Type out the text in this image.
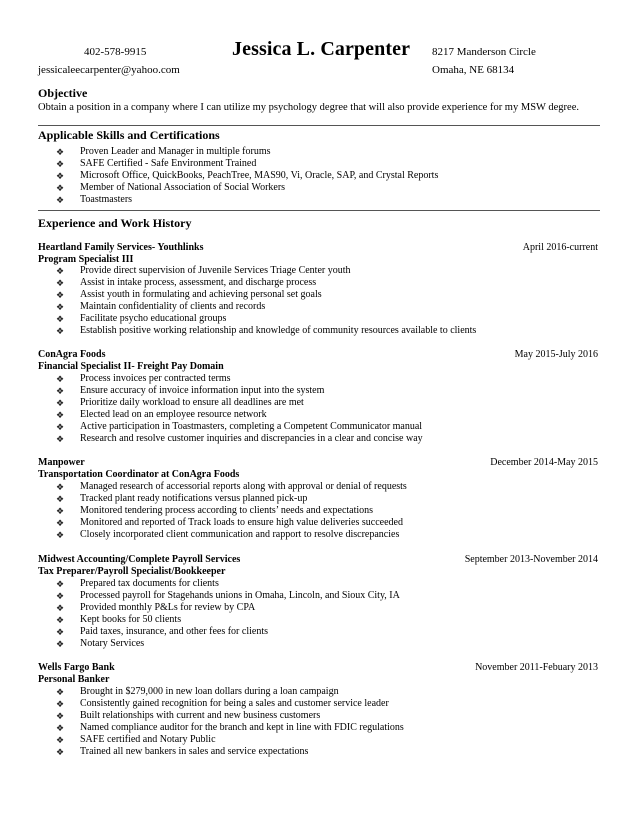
402-578-9915	Jessica L. Carpenter 8217 Manderson Circle
jessicaleecarpenter@yahoo.com	Omaha, NE 68134
Objective
Obtain a position in a company where I can utilize my psychology degree that will also provide experience for my MSW degree.
Applicable Skills and Certifications
❖	Proven Leader and Manager in multiple forums
❖	SAFE Certified - Safe Environment Trained
❖	Microsoft Office, QuickBooks, PeachTree, MAS90, Vi, Oracle, SAP, and Crystal Reports
❖	Member of National Association of Social Workers
❖	Toastmasters
Experience and Work History
Heartland Family Services- Youthlinks	April 2016-current
Program Specialist III
❖	Provide direct supervision of Juvenile Services Triage Center youth
❖	Assist in intake process, assessment, and discharge process
❖	Assist youth in formulating and achieving personal set goals
❖	Maintain confidentiality of clients and records
❖	Facilitate psycho educational groups
❖	Establish positive working relationship and knowledge of community resources available to clients
ConAgra Foods	May 2015-July 2016
Financial Specialist II- Freight Pay Domain
❖	Process invoices per contracted terms
❖	Ensure accuracy of invoice information input into the system
❖	Prioritize daily workload to ensure all deadlines are met
❖	Elected lead on an employee resource network
❖	Active participation in Toastmasters, completing a Competent Communicator manual
❖	Research and resolve customer inquiries and discrepancies in a clear and concise way
Manpower	December 2014-May 2015
Transportation Coordinator at ConAgra Foods
❖	Managed research of accessorial reports along with approval or denial of requests
❖	Tracked plant ready notifications versus planned pick-up
❖	Monitored tendering process according to clients’ needs and expectations
❖	Monitored and reported of Track loads to ensure high value deliveries succeeded
❖	Closely incorporated client communication and rapport to resolve discrepancies
Midwest Accounting/Complete Payroll Services	September 2013-November 2014
Tax Preparer/Payroll Specialist/Bookkeeper
❖	Prepared tax documents for clients
❖	Processed payroll for Stagehands unions in Omaha, Lincoln, and Sioux City, IA
❖	Provided monthly P&Ls for review by CPA
❖	Kept books for 50 clients
❖	Paid taxes, insurance, and other fees for clients
❖	Notary Services
Wells Fargo Bank	November 2011-Febuary 2013
Personal Banker
❖	Brought in $279,000 in new loan dollars during a loan campaign
❖	Consistently gained recognition for being a sales and customer service leader
❖	Built relationships with current and new business customers
❖	Named compliance auditor for the branch and kept in line with FDIC regulations
❖	SAFE certified and Notary Public
❖	Trained all new bankers in sales and service expectations
